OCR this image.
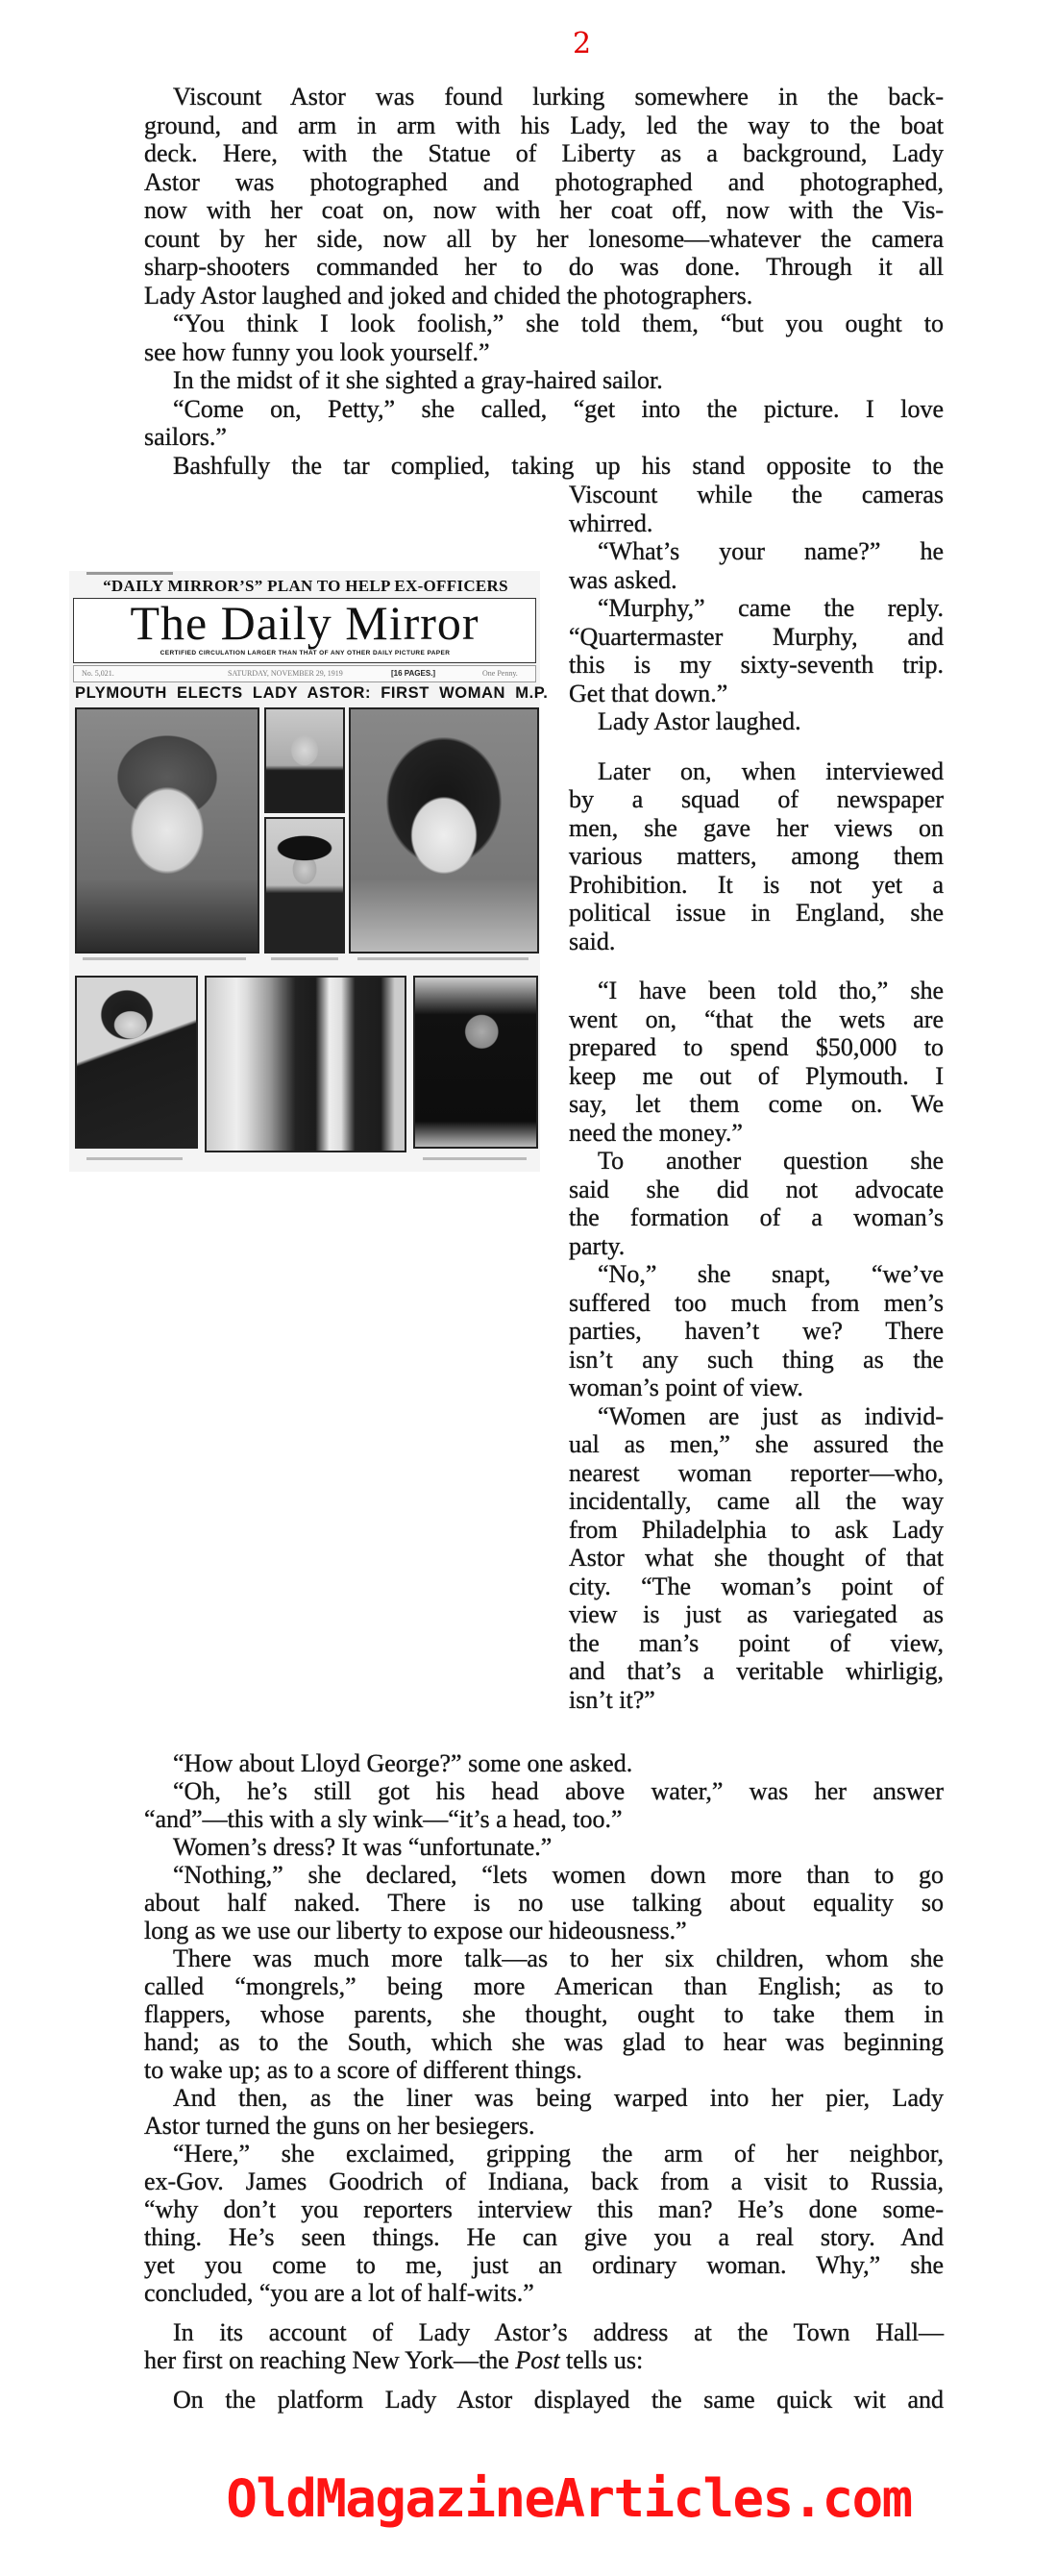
2
Viscount Astor was found lurking somewhere in the back-
ground, and arm in arm with his Lady, led the way to the boat
deck. Here, with the Statue of Liberty as a background, Lady
Astor was photographed and photographed and photographed,
now with her coat on, now with her coat off, now with the Vis-
count by her side, now all by her lonesome—whatever the camera
sharp-shooters commanded her to do was done. Through it all
Lady Astor laughed and joked and chided the photographers.
“You think I look foolish,” she told them, “but you ought to
see how funny you look yourself.”
In the midst of it she sighted a gray-haired sailor.
“Come on, Petty,” she called, “get into the picture. I love
sailors.”
Bashfully the tar complied, taking up his stand opposite to the
Viscount while the cameras
whirred.
“What’s your name?” he
was asked.
“Murphy,” came the reply.
“Quartermaster Murphy, and
this is my sixty-seventh trip.
Get that down.”
Lady Astor laughed.
Later on, when interviewed
by a squad of newspaper
men, she gave her views on
various matters, among them
Prohibition. It is not yet a
political issue in England, she
said.
“I have been told tho,” she
went on, “that the wets are
prepared to spend $50,000 to
keep me out of Plymouth. I
say, let them come on. We
need the money.”
To another question she
said she did not advocate
the formation of a woman’s
party.
“No,” she snapt, “we’ve
suffered too much from men’s
parties, haven’t we? There
isn’t any such thing as the
woman’s point of view.
“Women are just as individ-
ual as men,” she assured the
nearest woman reporter—who,
incidentally, came all the way
from Philadelphia to ask Lady
Astor what she thought of that
city. “The woman’s point of
view is just as variegated as
the man’s point of view,
and that’s a veritable whirligig,
isn’t it?”
“How about Lloyd George?” some one asked.
“Oh, he’s still got his head above water,” was her answer
“and”—this with a sly wink—“it’s a head, too.”
Women’s dress? It was “unfortunate.”
“Nothing,” she declared, “lets women down more than to go
about half naked. There is no use talking about equality so
long as we use our liberty to expose our hideousness.”
There was much more talk—as to her six children, whom she
called “mongrels,” being more American than English; as to
flappers, whose parents, she thought, ought to take them in
hand; as to the South, which she was glad to hear was beginning
to wake up; as to a score of different things.
And then, as the liner was being warped into her pier, Lady
Astor turned the guns on her besiegers.
“Here,” she exclaimed, gripping the arm of her neighbor,
ex-Gov. James Goodrich of Indiana, back from a visit to Russia,
“why don’t you reporters interview this man? He’s done some-
thing. He’s seen things. He can give you a real story. And
yet you come to me, just an ordinary woman. Why,” she
concluded, “you are a lot of half-wits.”
In its account of Lady Astor’s address at the Town Hall—
her first on reaching New York—the Post tells us:
On the platform Lady Astor displayed the same quick wit and
“DAILY MIRROR’S” PLAN TO HELP EX-OFFICERS
The Daily Mirror
CERTIFIED CIRCULATION LARGER THAN THAT OF ANY OTHER DAILY PICTURE PAPER
No. 5,021.	SATURDAY, NOVEMBER 29, 1919	[16 PAGES.]	One Penny.
PLYMOUTH ELECTS LADY ASTOR: FIRST WOMAN M.P.
OldMagazineArticles.com
